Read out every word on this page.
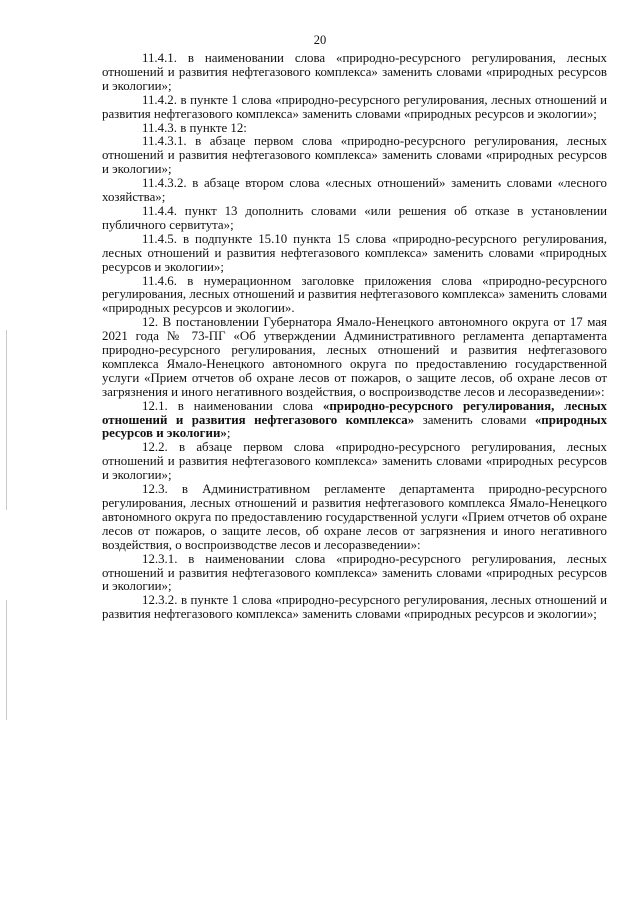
20

11.4.1. в наименовании слова «природно-ресурсного регулирования, лесных отношений и развития нефтегазового комплекса» заменить словами «природных ресурсов и экологии»;

11.4.2. в пункте 1 слова «природно-ресурсного регулирования, лесных отношений и развития нефтегазового комплекса» заменить словами «природных ресурсов и экологии»;

11.4.3. в пункте 12:

11.4.3.1. в абзаце первом слова «природно-ресурсного регулирования, лесных отношений и развития нефтегазового комплекса» заменить словами «природных ресурсов и экологии»;

11.4.3.2. в абзаце втором слова «лесных отношений» заменить словами «лесного хозяйства»;

11.4.4. пункт 13 дополнить словами «или решения об отказе в установлении публичного сервитута»;

11.4.5. в подпункте 15.10 пункта 15 слова «природно-ресурсного регулирования, лесных отношений и развития нефтегазового комплекса» заменить словами «природных ресурсов и экологии»;

11.4.6. в нумерационном заголовке приложения слова «природно-ресурсного регулирования, лесных отношений и развития нефтегазового комплекса» заменить словами «природных ресурсов и экологии».

12. В постановлении Губернатора Ямало-Ненецкого автономного округа от 17 мая 2021 года № 73-ПГ «Об утверждении Административного регламента департамента природно-ресурсного регулирования, лесных отношений и развития нефтегазового комплекса Ямало-Ненецкого автономного округа по предоставлению государственной услуги «Прием отчетов об охране лесов от пожаров, о защите лесов, об охране лесов от загрязнения и иного негативного воздействия, о воспроизводстве лесов и лесоразведении»:

12.1. в наименовании слова «природно-ресурсного регулирования, лесных отношений и развития нефтегазового комплекса» заменить словами «природных ресурсов и экологии»;

12.2. в абзаце первом слова «природно-ресурсного регулирования, лесных отношений и развития нефтегазового комплекса» заменить словами «природных ресурсов и экологии»;

12.3. в Административном регламенте департамента природно-ресурсного регулирования, лесных отношений и развития нефтегазового комплекса Ямало-Ненецкого автономного округа по предоставлению государственной услуги «Прием отчетов об охране лесов от пожаров, о защите лесов, об охране лесов от загрязнения и иного негативного воздействия, о воспроизводстве лесов и лесоразведении»:

12.3.1. в наименовании слова «природно-ресурсного регулирования, лесных отношений и развития нефтегазового комплекса» заменить словами «природных ресурсов и экологии»;

12.3.2. в пункте 1 слова «природно-ресурсного регулирования, лесных отношений и развития нефтегазового комплекса» заменить словами «природных ресурсов и экологии»;
